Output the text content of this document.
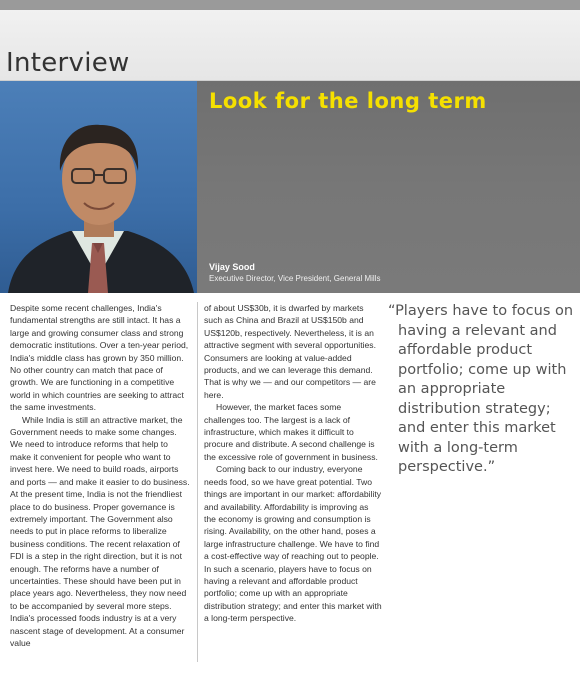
Interview
Look for the long term
Vijay Sood
Executive Director, Vice President, General Mills

Despite some recent challenges, India's fundamental strengths are still intact. It has a large and growing consumer class and strong democratic institutions. Over a ten-year period, India's middle class has grown by 350 million. No other country can match that pace of growth. We are functioning in a competitive world in which countries are seeking to attract the same investments.

While India is still an attractive market, the Government needs to make some changes. We need to introduce reforms that help to make it convenient for people who want to invest here. We need to build roads, airports and ports — and make it easier to do business. At the present time, India is not the friendliest place to do business. Proper governance is extremely important. The Government also needs to put in place reforms to liberalize business conditions. The recent relaxation of FDI is a step in the right direction, but it is not enough. The reforms have a number of uncertainties. These should have been put in place years ago. Nevertheless, they now need to be accompanied by several more steps. India's processed foods industry is at a very nascent stage of development. At a consumer value

of about US$30b, it is dwarfed by markets such as China and Brazil at US$150b and US$120b, respectively. Nevertheless, it is an attractive segment with several opportunities. Consumers are looking at value-added products, and we can leverage this demand. That is why we — and our competitors — are here.

However, the market faces some challenges too. The largest is a lack of infrastructure, which makes it difficult to procure and distribute. A second challenge is the excessive role of government in business.

Coming back to our industry, everyone needs food, so we have great potential. Two things are important in our market: affordability and availability. Affordability is improving as the economy is growing and consumption is rising. Availability, on the other hand, poses a large infrastructure challenge. We have to find a cost-effective way of reaching out to people. In such a scenario, players have to focus on having a relevant and affordable product portfolio; come up with an appropriate distribution strategy; and enter this market with a long-term perspective.

“Players have to focus on having a relevant and affordable product portfolio; come up with an appropriate distribution strategy; and enter this market with a long-term perspective.”
